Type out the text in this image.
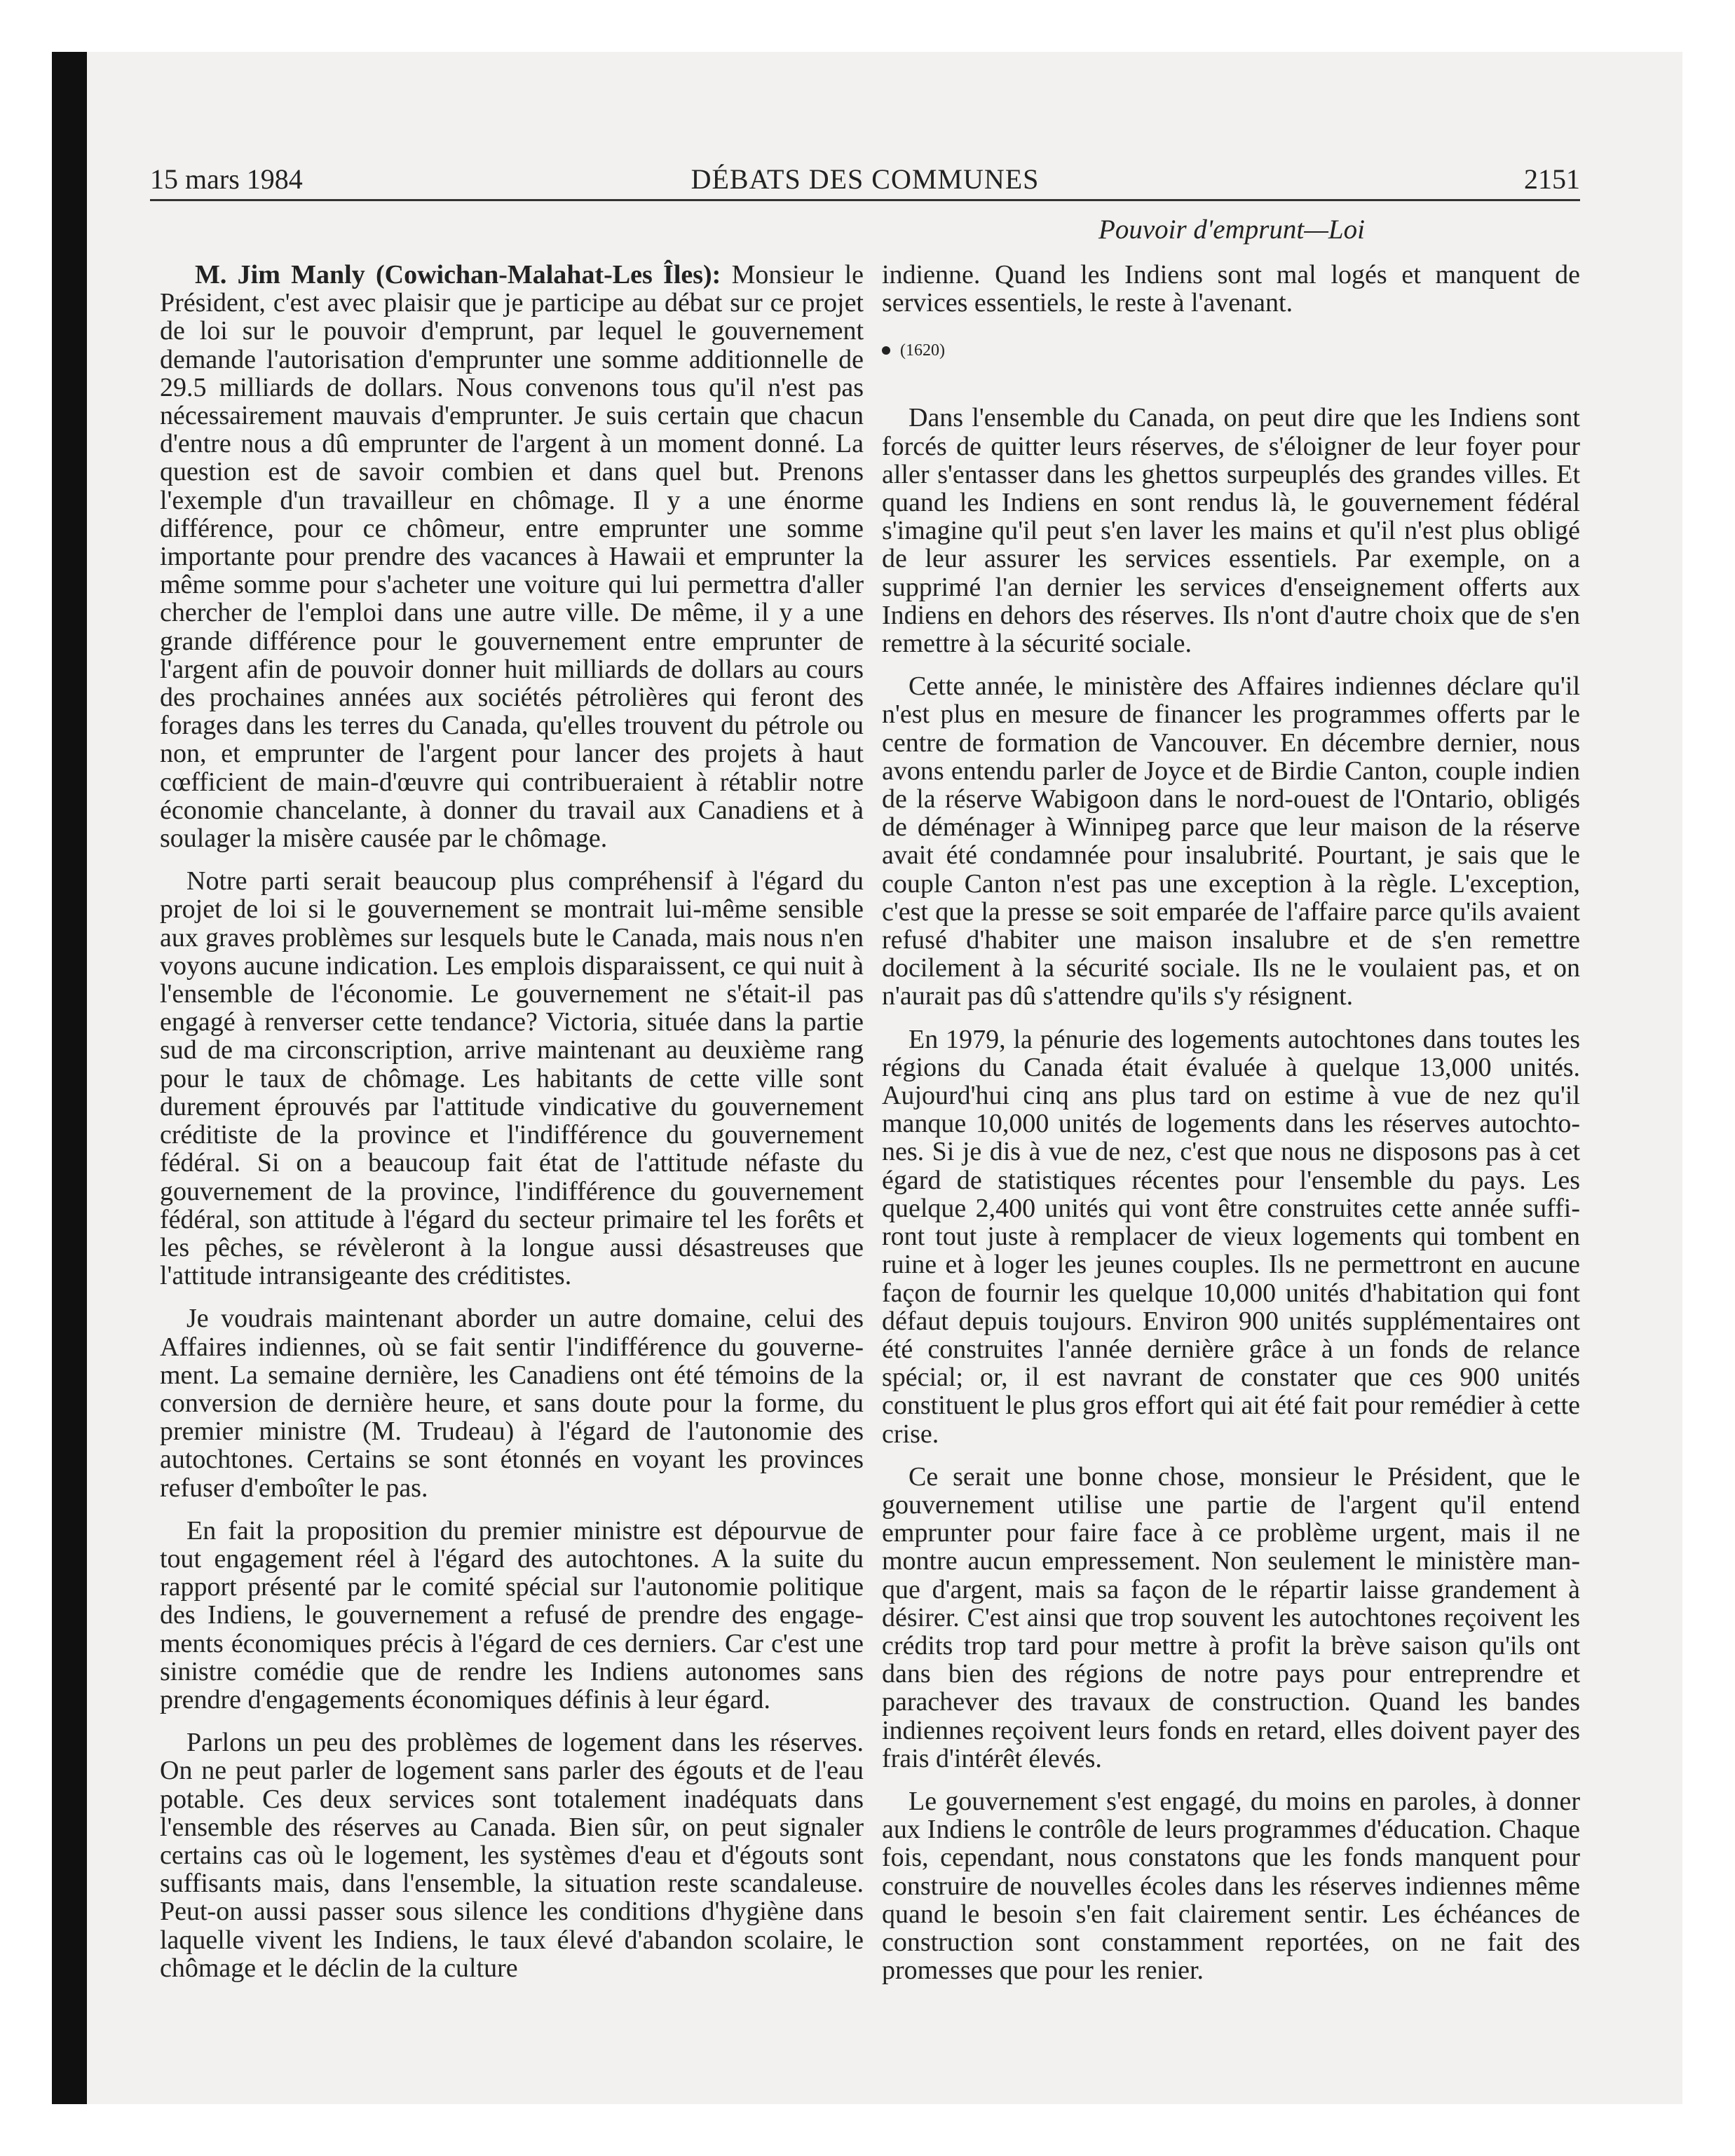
15 mars 1984	DÉBATS DES COMMUNES	2151
Pouvoir d'emprunt—Loi

M. Jim Manly (Cowichan-Malahat-Les Îles): Monsieur le Président, c'est avec plaisir que je participe au débat sur ce projet de loi sur le pouvoir d'emprunt, par lequel le gouvernement demande l'autorisation d'emprunter une somme additionnelle de 29.5 milliards de dollars. Nous convenons tous qu'il n'est pas nécessairement mauvais d'emprunter. Je suis certain que chacun d'entre nous a dû emprunter de l'argent à un moment donné. La question est de savoir combien et dans quel but. Prenons l'exemple d'un travailleur en chômage. Il y a une énorme différence, pour ce chômeur, entre emprunter une somme importante pour prendre des vacances à Hawaii et emprunter la même somme pour s'acheter une voiture qui lui permettra d'aller chercher de l'emploi dans une autre ville. De même, il y a une grande différence pour le gouvernement entre emprunter de l'argent afin de pouvoir donner huit milliards de dollars au cours des prochaines années aux sociétés pétrolières qui feront des forages dans les terres du Canada, qu'elles trouvent du pétrole ou non, et emprunter de l'argent pour lancer des projets à haut cœfficient de main-d'œuvre qui contribueraient à rétablir notre économie chancelante, à donner du travail aux Canadiens et à soulager la misère causée par le chômage.

Notre parti serait beaucoup plus compréhensif à l'égard du projet de loi si le gouvernement se montrait lui-même sensible aux graves problèmes sur lesquels bute le Canada, mais nous n'en voyons aucune indication. Les emplois disparaissent, ce qui nuit à l'ensemble de l'économie. Le gouvernement ne s'était-il pas engagé à renverser cette tendance? Victoria, située dans la partie sud de ma circonscription, arrive maintenant au deuxième rang pour le taux de chômage. Les habitants de cette ville sont durement éprouvés par l'attitude vindicative du gouvernement créditiste de la province et l'indifférence du gouvernement fédéral. Si on a beaucoup fait état de l'attitude néfaste du gouvernement de la province, l'indifférence du gouvernement fédéral, son attitude à l'égard du secteur primaire tel les forêts et les pêches, se révèleront à la longue aussi désastreuses que l'attitude intransigeante des créditistes.

Je voudrais maintenant aborder un autre domaine, celui des Affaires indiennes, où se fait sentir l'indifférence du gouvernement. La semaine dernière, les Canadiens ont été témoins de la conversion de dernière heure, et sans doute pour la forme, du premier ministre (M. Trudeau) à l'égard de l'autonomie des autochtones. Certains se sont étonnés en voyant les provinces refuser d'emboîter le pas.

En fait la proposition du premier ministre est dépourvue de tout engagement réel à l'égard des autochtones. A la suite du rapport présenté par le comité spécial sur l'autonomie politique des Indiens, le gouvernement a refusé de prendre des engagements économiques précis à l'égard de ces derniers. Car c'est une sinistre comédie que de rendre les Indiens autonomes sans prendre d'engagements économiques définis à leur égard.

Parlons un peu des problèmes de logement dans les réserves. On ne peut parler de logement sans parler des égouts et de l'eau potable. Ces deux services sont totalement inadéquats dans l'ensemble des réserves au Canada. Bien sûr, on peut signaler certains cas où le logement, les systèmes d'eau et d'égouts sont suffisants mais, dans l'ensemble, la situation reste scandaleuse. Peut-on aussi passer sous silence les conditions d'hygiène dans laquelle vivent les Indiens, le taux élevé d'abandon scolaire, le chômage et le déclin de la culture

indienne. Quand les Indiens sont mal logés et manquent de services essentiels, le reste à l'avenant.

(1620)

Dans l'ensemble du Canada, on peut dire que les Indiens sont forcés de quitter leurs réserves, de s'éloigner de leur foyer pour aller s'entasser dans les ghettos surpeuplés des grandes villes. Et quand les Indiens en sont rendus là, le gouvernement fédéral s'imagine qu'il peut s'en laver les mains et qu'il n'est plus obligé de leur assurer les services essentiels. Par exemple, on a supprimé l'an dernier les services d'enseignement offerts aux Indiens en dehors des réserves. Ils n'ont d'autre choix que de s'en remettre à la sécurité sociale.

Cette année, le ministère des Affaires indiennes déclare qu'il n'est plus en mesure de financer les programmes offerts par le centre de formation de Vancouver. En décembre dernier, nous avons entendu parler de Joyce et de Birdie Canton, couple indien de la réserve Wabigoon dans le nord-ouest de l'Ontario, obligés de déménager à Winnipeg parce que leur maison de la réserve avait été condamnée pour insalubrité. Pourtant, je sais que le couple Canton n'est pas une exception à la règle. L'exception, c'est que la presse se soit emparée de l'affaire parce qu'ils avaient refusé d'habiter une maison insalubre et de s'en remettre docilement à la sécurité sociale. Ils ne le voulaient pas, et on n'aurait pas dû s'attendre qu'ils s'y résignent.

En 1979, la pénurie des logements autochtones dans toutes les régions du Canada était évaluée à quelque 13,000 unités. Aujourd'hui cinq ans plus tard on estime à vue de nez qu'il manque 10,000 unités de logements dans les réserves autochtones. Si je dis à vue de nez, c'est que nous ne disposons pas à cet égard de statistiques récentes pour l'ensemble du pays. Les quelque 2,400 unités qui vont être construites cette année suffiront tout juste à remplacer de vieux logements qui tombent en ruine et à loger les jeunes couples. Ils ne permettront en aucune façon de fournir les quelque 10,000 unités d'habitation qui font défaut depuis toujours. Environ 900 unités supplémentaires ont été construites l'année dernière grâce à un fonds de relance spécial; or, il est navrant de constater que ces 900 unités constituent le plus gros effort qui ait été fait pour remédier à cette crise.

Ce serait une bonne chose, monsieur le Président, que le gouvernement utilise une partie de l'argent qu'il entend emprunter pour faire face à ce problème urgent, mais il ne montre aucun empressement. Non seulement le ministère manque d'argent, mais sa façon de le répartir laisse grandement à désirer. C'est ainsi que trop souvent les autochtones reçoivent les crédits trop tard pour mettre à profit la brève saison qu'ils ont dans bien des régions de notre pays pour entreprendre et parachever des travaux de construction. Quand les bandes indiennes reçoivent leurs fonds en retard, elles doivent payer des frais d'intérêt élevés.

Le gouvernement s'est engagé, du moins en paroles, à donner aux Indiens le contrôle de leurs programmes d'éducation. Chaque fois, cependant, nous constatons que les fonds manquent pour construire de nouvelles écoles dans les réserves indiennes même quand le besoin s'en fait clairement sentir. Les échéances de construction sont constamment reportées, on ne fait des promesses que pour les renier.
